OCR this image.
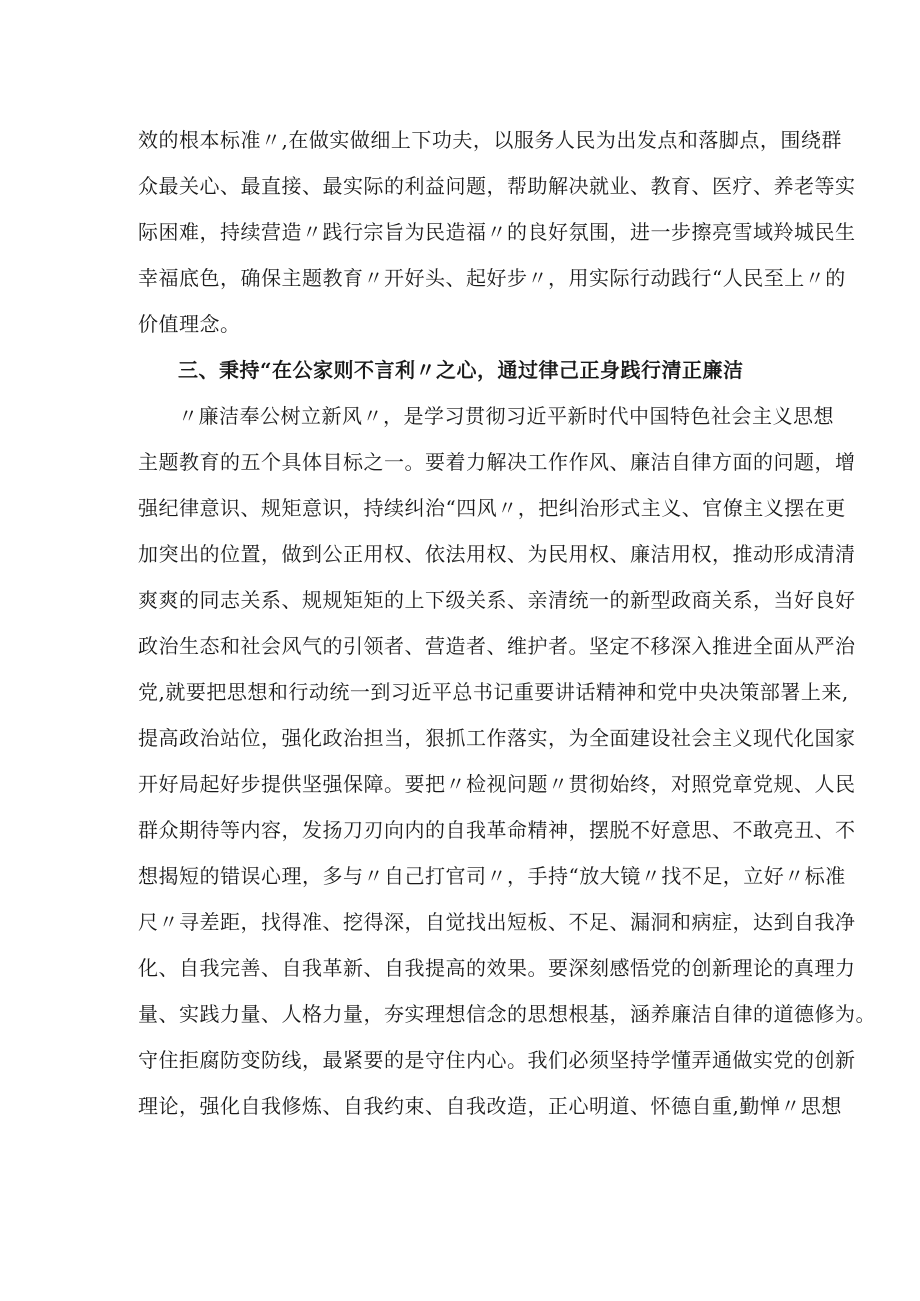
效的根本标准〃,在做实做细上下功夫，以服务人民为出发点和落脚点，围绕群
众最关心、最直接、最实际的利益问题，帮助解决就业、教育、医疗、养老等实
际困难，持续营造〃践行宗旨为民造福〃的良好氛围，进一步擦亮雪域羚城民生
幸福底色，确保主题教育〃开好头、起好步〃，用实际行动践行“人民至上〃的
价值理念。
三、秉持“在公家则不言利〃之心，通过律己正身践行清正廉洁
〃廉洁奉公树立新风〃，是学习贯彻习近平新时代中国特色社会主义思想
主题教育的五个具体目标之一。要着力解决工作作风、廉洁自律方面的问题，增
强纪律意识、规矩意识，持续纠治“四风〃，把纠治形式主义、官僚主义摆在更
加突出的位置，做到公正用权、依法用权、为民用权、廉洁用权，推动形成清清
爽爽的同志关系、规规矩矩的上下级关系、亲清统一的新型政商关系，当好良好
政治生态和社会风气的引领者、营造者、维护者。坚定不移深入推进全面从严治
党,就要把思想和行动统一到习近平总书记重要讲话精神和党中央决策部署上来,
提高政治站位，强化政治担当，狠抓工作落实，为全面建设社会主义现代化国家
开好局起好步提供坚强保障。要把〃检视问题〃贯彻始终，对照党章党规、人民
群众期待等内容，发扬刀刃向内的自我革命精神，摆脱不好意思、不敢亮丑、不
想揭短的错误心理，多与〃自己打官司〃，手持“放大镜〃找不足，立好〃标准
尺〃寻差距，找得准、挖得深，自觉找出短板、不足、漏洞和病症，达到自我净
化、自我完善、自我革新、自我提高的效果。要深刻感悟党的创新理论的真理力
量、实践力量、人格力量，夯实理想信念的思想根基，涵养廉洁自律的道德修为。
守住拒腐防变防线，最紧要的是守住内心。我们必须坚持学懂弄通做实党的创新
理论，强化自我修炼、自我约束、自我改造，正心明道、怀德自重,勤惮〃思想
